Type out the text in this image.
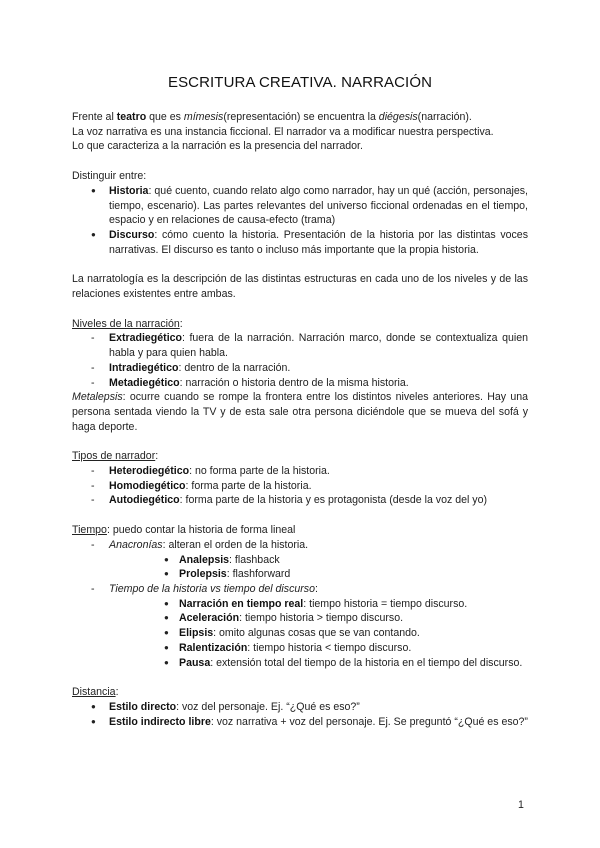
ESCRITURA CREATIVA. NARRACIÓN

Frente al teatro que es mímesis(representación) se encuentra la diégesis(narración).

La voz narrativa es una instancia ficcional. El narrador va a modificar nuestra perspectiva.

Lo que caracteriza a la narración es la presencia del narrador.

Distinguir entre:

● Historia: qué cuento, cuando relato algo como narrador, hay un qué (acción, personajes, tiempo, escenario). Las partes relevantes del universo ficcional ordenadas en el tiempo, espacio y en relaciones de causa-efecto (trama)
● Discurso: cómo cuento la historia. Presentación de la historia por las distintas voces narrativas. El discurso es tanto o incluso más importante que la propia historia.

La narratología es la descripción de las distintas estructuras en cada uno de los niveles y de las relaciones existentes entre ambas.

Niveles de la narración:

- Extradiegético: fuera de la narración. Narración marco, donde se contextualiza quien habla y para quien habla.
- Intradiegético: dentro de la narración.
- Metadiegético: narración o historia dentro de la misma historia.

Metalepsis: ocurre cuando se rompe la frontera entre los distintos niveles anteriores. Hay una persona sentada viendo la TV y de esta sale otra persona diciéndole que se mueva del sofá y haga deporte.

Tipos de narrador:

- Heterodiegético: no forma parte de la historia.
- Homodiegético: forma parte de la historia.
- Autodiegético: forma parte de la historia y es protagonista (desde la voz del yo)

Tiempo: puedo contar la historia de forma lineal

- Anacronías: alteran el orden de la historia.
● Analepsis: flashback
● Prolepsis: flashforward
- Tiempo de la historia vs tiempo del discurso:
● Narración en tiempo real: tiempo historia = tiempo discurso.
● Aceleración: tiempo historia > tiempo discurso.
● Elipsis: omito algunas cosas que se van contando.
● Ralentización: tiempo historia < tiempo discurso.
● Pausa: extensión total del tiempo de la historia en el tiempo del discurso.

Distancia:

● Estilo directo: voz del personaje. Ej. “¿Qué es eso?”
● Estilo indirecto libre: voz narrativa + voz del personaje. Ej. Se preguntó “¿Qué es eso?”
1
